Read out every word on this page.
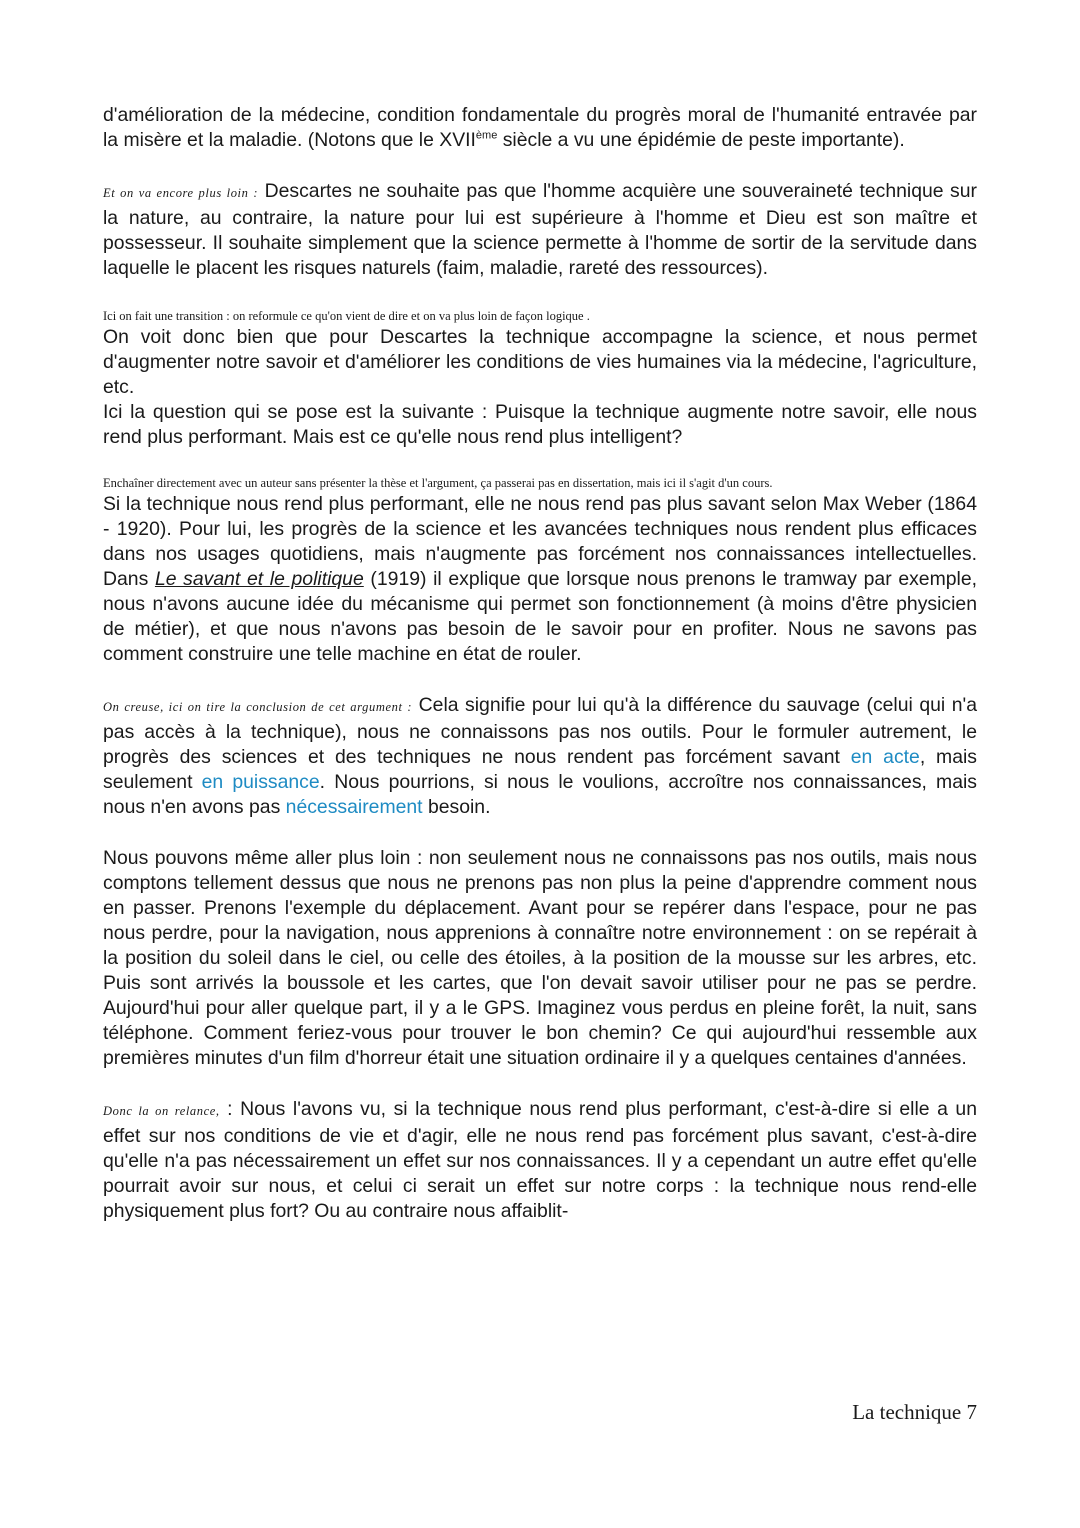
d'amélioration de la médecine, condition fondamentale du progrès moral de l'humanité entravée par la misère et la maladie. (Notons que le XVIIème siècle a vu une épidémie de peste importante).

Et on va encore plus loin : Descartes ne souhaite pas que l'homme acquière une souveraineté technique sur la nature, au contraire, la nature pour lui est supérieure à l'homme et Dieu est son maître et possesseur. Il souhaite simplement que la science permette à l'homme de sortir de la servitude dans laquelle le placent les risques naturels (faim, maladie, rareté des ressources).

Ici on fait une transition : on reformule ce qu'on vient de dire et on va plus loin de façon logique .

On voit donc bien que pour Descartes la technique accompagne la science, et nous permet d'augmenter notre savoir et d'améliorer les conditions de vies humaines via la médecine, l'agriculture, etc.

Ici la question qui se pose est la suivante : Puisque la technique augmente notre savoir, elle nous rend plus performant. Mais est ce qu'elle nous rend plus intelligent?

Enchaîner directement avec un auteur sans présenter la thèse et l'argument, ça passerai pas en dissertation, mais ici il s'agit d'un cours.

Si la technique nous rend plus performant, elle ne nous rend pas plus savant selon Max Weber (1864 - 1920). Pour lui, les progrès de la science et les avancées techniques nous rendent plus efficaces dans nos usages quotidiens, mais n'augmente pas forcément nos connaissances intellectuelles. Dans Le savant et le politique (1919) il explique que lorsque nous prenons le tramway par exemple, nous n'avons aucune idée du mécanisme qui permet son fonctionnement (à moins d'être physicien de métier), et que nous n'avons pas besoin de le savoir pour en profiter. Nous ne savons pas comment construire une telle machine en état de rouler.

On creuse, ici on tire la conclusion de cet argument : Cela signifie pour lui qu'à la différence du sauvage (celui qui n'a pas accès à la technique), nous ne connaissons pas nos outils. Pour le formuler autrement, le progrès des sciences et des techniques ne nous rendent pas forcément savant en acte, mais seulement en puissance. Nous pourrions, si nous le voulions, accroître nos connaissances, mais nous n'en avons pas nécessairement besoin.

Nous pouvons même aller plus loin : non seulement nous ne connaissons pas nos outils, mais nous comptons tellement dessus que nous ne prenons pas non plus la peine d'apprendre comment nous en passer. Prenons l'exemple du déplacement. Avant pour se repérer dans l'espace, pour ne pas nous perdre, pour la navigation, nous apprenions à connaître notre environnement : on se repérait à la position du soleil dans le ciel, ou celle des étoiles, à la position de la mousse sur les arbres, etc. Puis sont arrivés la boussole et les cartes, que l'on devait savoir utiliser pour ne pas se perdre. Aujourd'hui pour aller quelque part, il y a le GPS. Imaginez vous perdus en pleine forêt, la nuit, sans téléphone. Comment feriez-vous pour trouver le bon chemin? Ce qui aujourd'hui ressemble aux premières minutes d'un film d'horreur était une situation ordinaire il y a quelques centaines d'années.

Donc la on relance, : Nous l'avons vu, si la technique nous rend plus performant, c'est-à-dire si elle a un effet sur nos conditions de vie et d'agir, elle ne nous rend pas forcément plus savant, c'est-à-dire qu'elle n'a pas nécessairement un effet sur nos connaissances. Il y a cependant un autre effet qu'elle pourrait avoir sur nous, et celui ci serait un effet sur notre corps : la technique nous rend-elle physiquement plus fort? Ou au contraire nous affaiblit-

La technique 7
